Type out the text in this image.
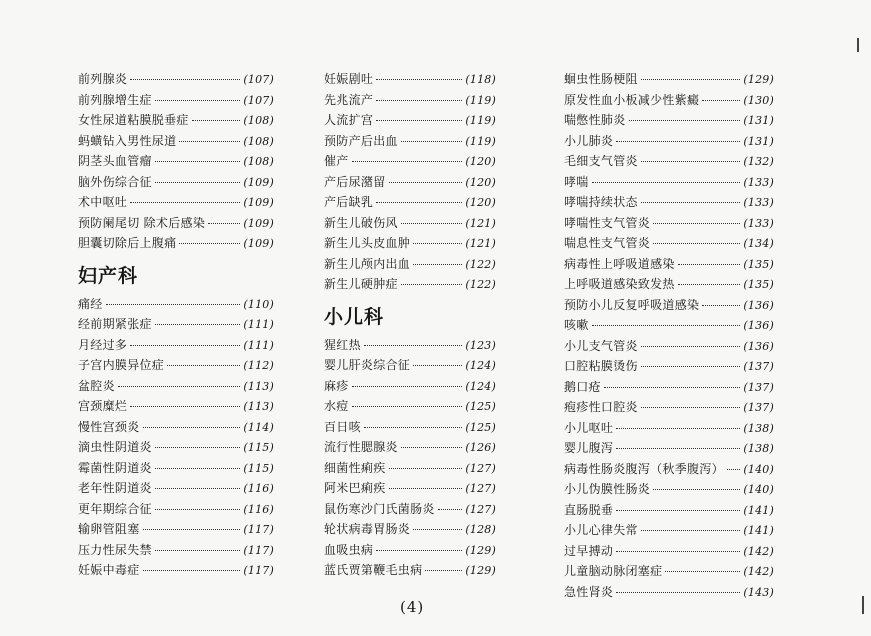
前列腺炎	(107)
前列腺增生症	(107)
女性尿道粘膜脱垂症	(108)
蚂蟥钻入男性尿道	(108)
阴茎头血管瘤	(108)
脑外伤综合征	(109)
术中呕吐	(109)
预防阑尾切 除术后感染	(109)
胆囊切除后上腹痛	(109)
妇产科
痛经	(110)
经前期紧张症	(111)
月经过多	(111)
子宫内膜异位症	(112)
盆腔炎	(113)
宫颈糜烂	(113)
慢性宫颈炎	(114)
滴虫性阴道炎	(115)
霉菌性阴道炎	(115)
老年性阴道炎	(116)
更年期综合征	(116)
输卵管阻塞	(117)
压力性尿失禁	(117)
妊娠中毒症	(117)
妊娠剧吐	(118)
先兆流产	(119)
人流扩宫	(119)
预防产后出血	(119)
催产	(120)
产后尿潴留	(120)
产后缺乳	(120)
新生儿破伤风	(121)
新生儿头皮血肿	(121)
新生儿颅内出血	(122)
新生儿硬肿症	(122)
小儿科
猩红热	(123)
婴儿肝炎综合征	(124)
麻疹	(124)
水痘	(125)
百日咳	(125)
流行性腮腺炎	(126)
细菌性痢疾	(127)
阿米巴痢疾	(127)
鼠伤寒沙门氏菌肠炎	(127)
轮状病毒胃肠炎	(128)
血吸虫病	(129)
蓝氏贾第鞭毛虫病	(129)
蛔虫性肠梗阻	(129)
原发性血小板减少性紫癜	(130)
喘憋性肺炎	(131)
小儿肺炎	(131)
毛细支气管炎	(132)
哮喘	(133)
哮喘持续状态	(133)
哮喘性支气管炎	(133)
喘息性支气管炎	(134)
病毒性上呼吸道感染	(135)
上呼吸道感染致发热	(135)
预防小儿反复呼吸道感染	(136)
咳嗽	(136)
小儿支气管炎	(136)
口腔粘膜烫伤	(137)
鹅口疮	(137)
疱疹性口腔炎	(137)
小儿呕吐	(138)
婴儿腹泻	(138)
病毒性肠炎腹泻（秋季腹泻） (140)
小儿伪膜性肠炎	(140)
直肠脱垂	(141)
小儿心律失常	(141)
过早搏动	(142)
儿童脑动脉闭塞症	(142)
急性肾炎	(143)
(4)
